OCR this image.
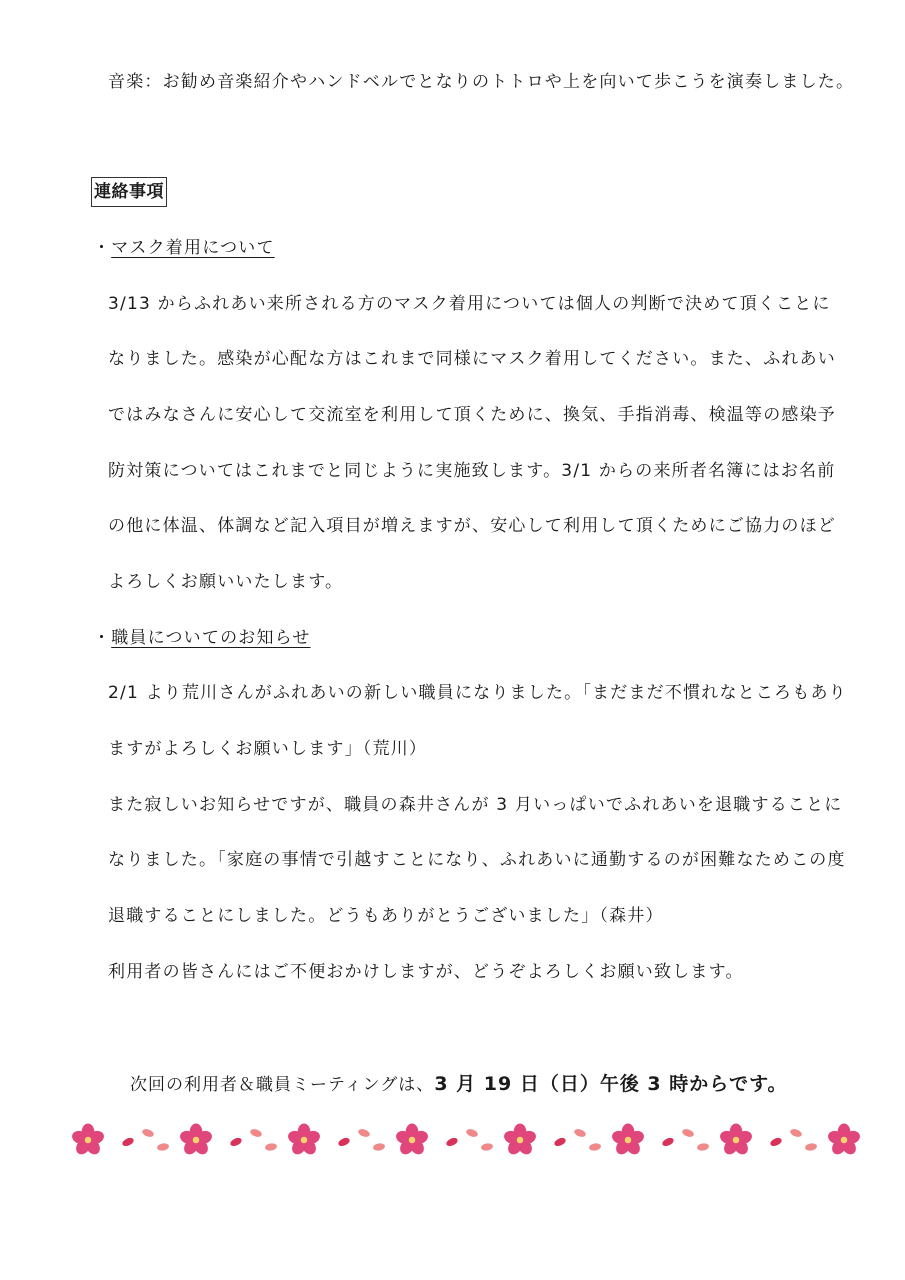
音楽：お勧め音楽紹介やハンドベルでとなりのトトロや上を向いて歩こうを演奏しました。
連絡事項
・マスク着用について
3/13 からふれあい来所される方のマスク着用については個人の判断で決めて頂くことに
なりました。感染が心配な方はこれまで同様にマスク着用してください。また、ふれあい
ではみなさんに安心して交流室を利用して頂くために、換気、手指消毒、検温等の感染予
防対策についてはこれまでと同じように実施致します。3/1 からの来所者名簿にはお名前
の他に体温、体調など記入項目が増えますが、安心して利用して頂くためにご協力のほど
よろしくお願いいたします。
・職員についてのお知らせ
2/1 より荒川さんがふれあいの新しい職員になりました。「まだまだ不慣れなところもあり
ますがよろしくお願いします」（荒川）
また寂しいお知らせですが、職員の森井さんが 3 月いっぱいでふれあいを退職することに
なりました。「家庭の事情で引越すことになり、ふれあいに通勤するのが困難なためこの度
退職することにしました。どうもありがとうございました」（森井）
利用者の皆さんにはご不便おかけしますが、どうぞよろしくお願い致します。
次回の利用者＆職員ミーティングは、3 月 19 日（日）午後 3 時からです。
